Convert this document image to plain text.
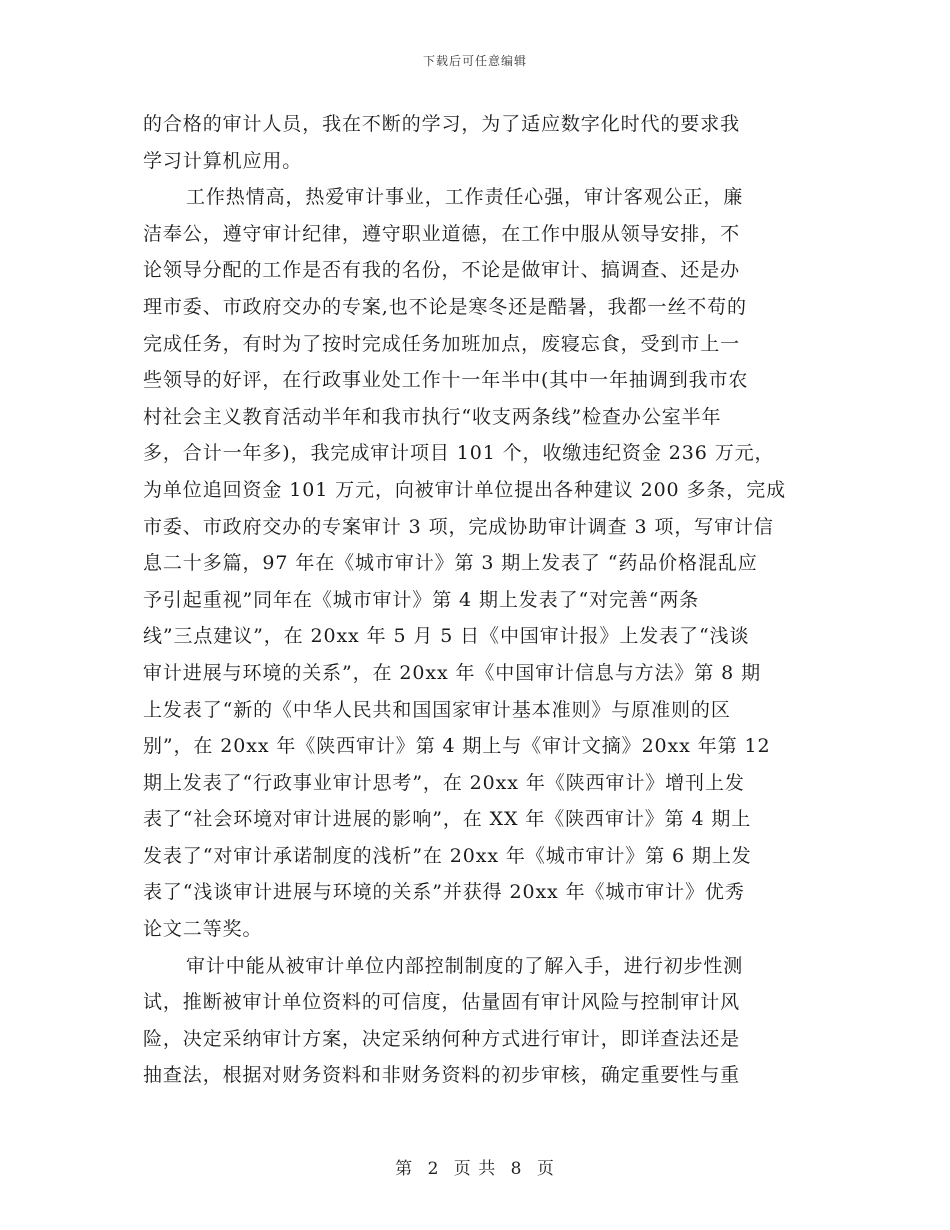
下载后可任意编辑
的合格的审计人员，我在不断的学习，为了适应数字化时代的要求我
学习计算机应用。
工作热情高，热爱审计事业，工作责任心强，审计客观公正，廉
洁奉公，遵守审计纪律，遵守职业道德，在工作中服从领导安排，不
论领导分配的工作是否有我的名份，不论是做审计、搞调查、还是办
理市委、市政府交办的专案,也不论是寒冬还是酷暑，我都一丝不苟的
完成任务，有时为了按时完成任务加班加点，废寝忘食，受到市上一
些领导的好评，在行政事业处工作十一年半中(其中一年抽调到我市农
村社会主义教育活动半年和我市执行“收支两条线”检查办公室半年
多，合计一年多)，我完成审计项目 101 个，收缴违纪资金 236 万元，
为单位追回资金 101 万元，向被审计单位提出各种建议 200 多条，完成
市委、市政府交办的专案审计 3 项，完成协助审计调查 3 项，写审计信
息二十多篇，97 年在《城市审计》第 3 期上发表了 “药品价格混乱应
予引起重视”同年在《城市审计》第 4 期上发表了“对完善“两条
线”三点建议”，在 20xx 年 5 月 5 日《中国审计报》上发表了“浅谈
审计进展与环境的关系”，在 20xx 年《中国审计信息与方法》第 8 期
上发表了“新的《中华人民共和国国家审计基本准则》与原准则的区
别”，在 20xx 年《陕西审计》第 4 期上与《审计文摘》20xx 年第 12
期上发表了“行政事业审计思考”，在 20xx 年《陕西审计》增刊上发
表了“社会环境对审计进展的影响”，在 XX 年《陕西审计》第 4 期上
发表了“对审计承诺制度的浅析”在 20xx 年《城市审计》第 6 期上发
表了“浅谈审计进展与环境的关系”并获得 20xx 年《城市审计》优秀
论文二等奖。
审计中能从被审计单位内部控制制度的了解入手，进行初步性测
试，推断被审计单位资料的可信度，估量固有审计风险与控制审计风
险，决定采纳审计方案，决定采纳何种方式进行审计，即详查法还是
抽查法，根据对财务资料和非财务资料的初步审核，确定重要性与重
第 2 页 共 8 页
